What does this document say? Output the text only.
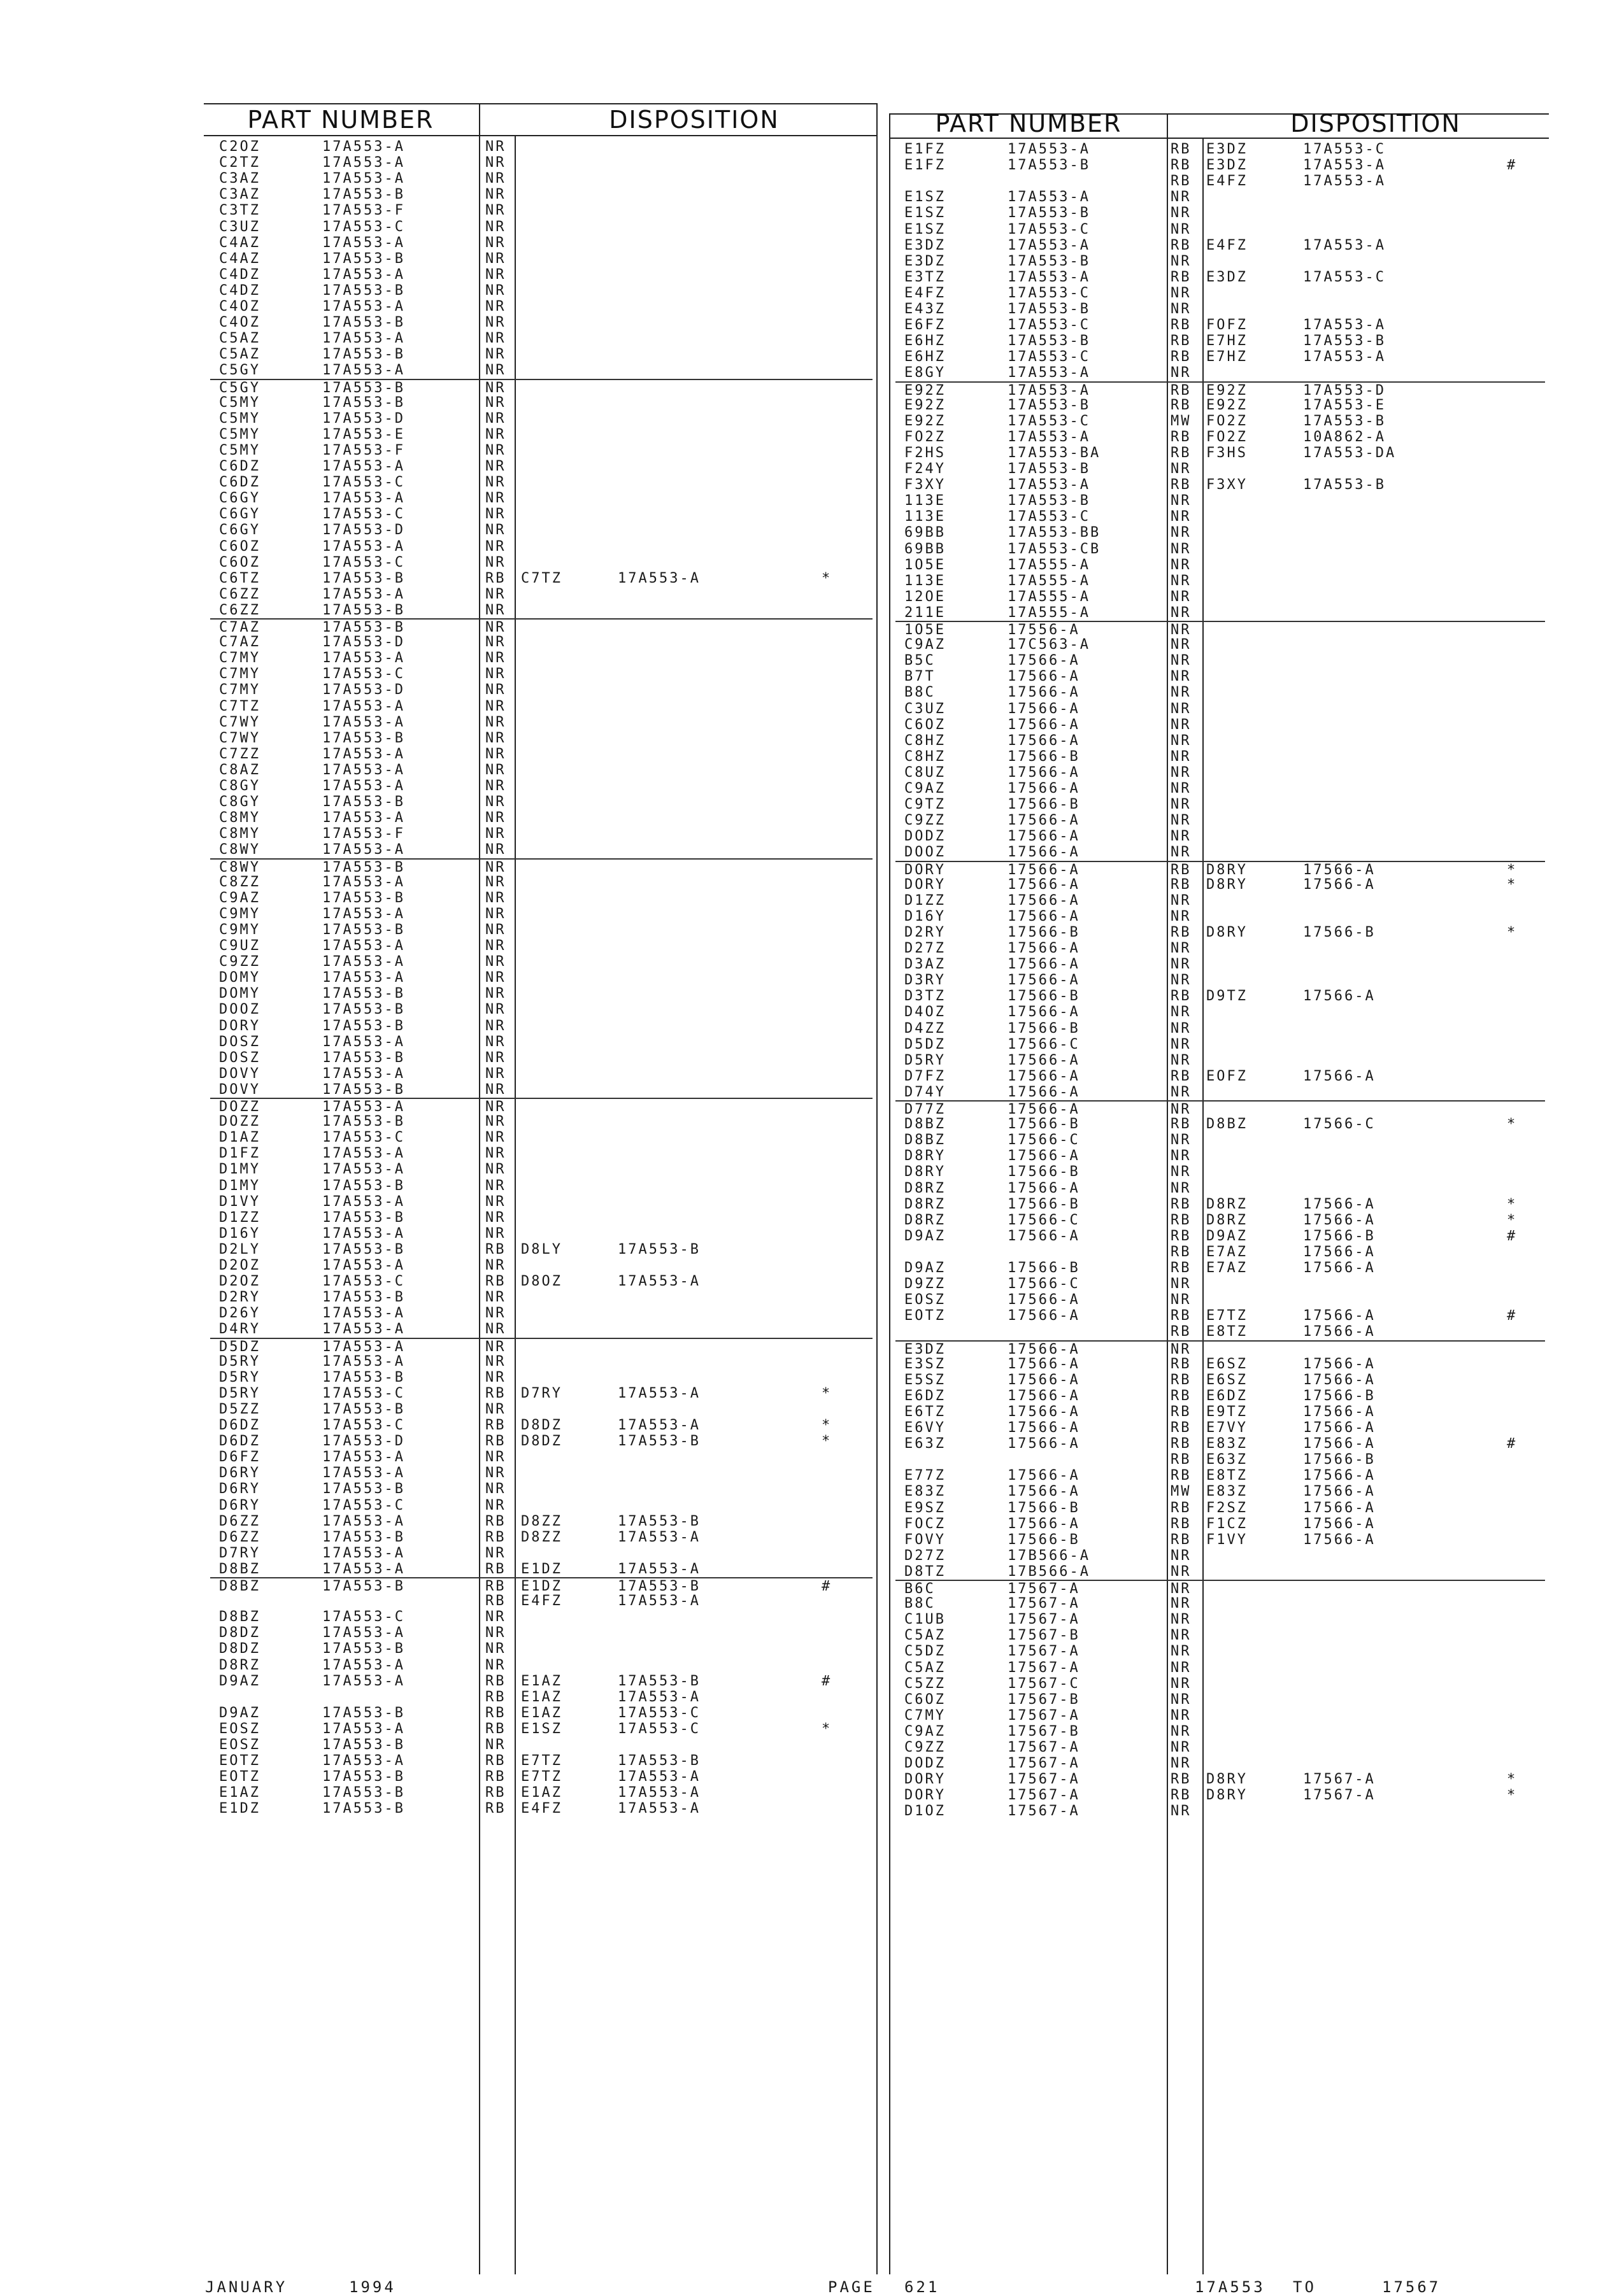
PART NUMBER	DISPOSITION	PART NUMBER	DISPOSITION
C2OZ	17A553-A	NR
C2TZ	17A553-A	NR
C3AZ	17A553-A	NR
C3AZ	17A553-B	NR
C3TZ	17A553-F	NR
C3UZ	17A553-C	NR
C4AZ	17A553-A	NR
C4AZ	17A553-B	NR
C4DZ	17A553-A	NR
C4DZ	17A553-B	NR
C4OZ	17A553-A	NR
C4OZ	17A553-B	NR
C5AZ	17A553-A	NR
C5AZ	17A553-B	NR
C5GY	17A553-A	NR
C5GY	17A553-B	NR
C5MY	17A553-B	NR
C5MY	17A553-D	NR
C5MY	17A553-E	NR
C5MY	17A553-F	NR
C6DZ	17A553-A	NR
C6DZ	17A553-C	NR
C6GY	17A553-A	NR
C6GY	17A553-C	NR
C6GY	17A553-D	NR
C6OZ	17A553-A	NR
C6OZ	17A553-C	NR
C6TZ	17A553-B	RB C7TZ	17A553-A	*
C6ZZ	17A553-A	NR
C6ZZ	17A553-B	NR
C7AZ	17A553-B	NR
C7AZ	17A553-D	NR
C7MY	17A553-A	NR
C7MY	17A553-C	NR
C7MY	17A553-D	NR
C7TZ	17A553-A	NR
C7WY	17A553-A	NR
C7WY	17A553-B	NR
C7ZZ	17A553-A	NR
C8AZ	17A553-A	NR
C8GY	17A553-A	NR
C8GY	17A553-B	NR
C8MY	17A553-A	NR
C8MY	17A553-F	NR
C8WY	17A553-A	NR
C8WY	17A553-B	NR
C8ZZ	17A553-A	NR
C9AZ	17A553-B	NR
C9MY	17A553-A	NR
C9MY	17A553-B	NR
C9UZ	17A553-A	NR
C9ZZ	17A553-A	NR
DOMY	17A553-A	NR
DOMY	17A553-B	NR
DOOZ	17A553-B	NR
DORY	17A553-B	NR
DOSZ	17A553-A	NR
DOSZ	17A553-B	NR
DOVY	17A553-A	NR
DOVY	17A553-B	NR
DOZZ	17A553-A	NR
DOZZ	17A553-B	NR
D1AZ	17A553-C	NR
D1FZ	17A553-A	NR
D1MY	17A553-A	NR
D1MY	17A553-B	NR
D1VY	17A553-A	NR
D1ZZ	17A553-B	NR
D16Y	17A553-A	NR
D2LY	17A553-B	RB D8LY	17A553-B
D2OZ	17A553-A	NR
D2OZ	17A553-C	RB D8OZ	17A553-A
D2RY	17A553-B	NR
D26Y	17A553-A	NR
D4RY	17A553-A	NR
D5DZ	17A553-A	NR
D5RY	17A553-A	NR
D5RY	17A553-B	NR
D5RY	17A553-C	RB D7RY	17A553-A	*
D5ZZ	17A553-B	NR
D6DZ	17A553-C	RB D8DZ	17A553-A	*
D6DZ	17A553-D	RB D8DZ	17A553-B	*
D6FZ	17A553-A	NR
D6RY	17A553-A	NR
D6RY	17A553-B	NR
D6RY	17A553-C	NR
D6ZZ	17A553-A	RB D8ZZ	17A553-B
D6ZZ	17A553-B	RB D8ZZ	17A553-A
D7RY	17A553-A	NR
D8BZ	17A553-A	RB E1DZ	17A553-A
D8BZ	17A553-B	RB E1DZ	17A553-B	#
RB E4FZ	17A553-A
D8BZ	17A553-C	NR
D8DZ	17A553-A	NR
D8DZ	17A553-B	NR
D8RZ	17A553-A	NR
D9AZ	17A553-A	RB E1AZ	17A553-B	#
RB E1AZ	17A553-A
D9AZ	17A553-B	RB E1AZ	17A553-C
EOSZ	17A553-A	RB E1SZ	17A553-C	*
EOSZ	17A553-B	NR
EOTZ	17A553-A	RB E7TZ	17A553-B
EOTZ	17A553-B	RB E7TZ	17A553-A
E1AZ	17A553-B	RB E1AZ	17A553-A
E1DZ	17A553-B	RB E4FZ	17A553-A
E1FZ	17A553-A	RB E3DZ	17A553-C
E1FZ	17A553-B	RB E3DZ	17A553-A	#
RB E4FZ	17A553-A
E1SZ	17A553-A	NR
E1SZ	17A553-B	NR
E1SZ	17A553-C	NR
E3DZ	17A553-A	RB E4FZ	17A553-A
E3DZ	17A553-B	NR
E3TZ	17A553-A	RB E3DZ	17A553-C
E4FZ	17A553-C	NR
E43Z	17A553-B	NR
E6FZ	17A553-C	RB FOFZ	17A553-A
E6HZ	17A553-B	RB E7HZ	17A553-B
E6HZ	17A553-C	RB E7HZ	17A553-A
E8GY	17A553-A	NR
E92Z	17A553-A	RB E92Z	17A553-D
E92Z	17A553-B	RB E92Z	17A553-E
E92Z	17A553-C	MW FO2Z	17A553-B
FO2Z	17A553-A	RB FO2Z	10A862-A
F2HS	17A553-BA	RB F3HS	17A553-DA
F24Y	17A553-B	NR
F3XY	17A553-A	RB F3XY	17A553-B
113E	17A553-B	NR
113E	17A553-C	NR
69BB	17A553-BB	NR
69BB	17A553-CB	NR
1O5E	17A555-A	NR
113E	17A555-A	NR
12OE	17A555-A	NR
211E	17A555-A	NR
1O5E	17556-A	NR
C9AZ	17C563-A	NR
B5C	17566-A	NR
B7T	17566-A	NR
B8C	17566-A	NR
C3UZ	17566-A	NR
C6OZ	17566-A	NR
C8HZ	17566-A	NR
C8HZ	17566-B	NR
C8UZ	17566-A	NR
C9AZ	17566-A	NR
C9TZ	17566-B	NR
C9ZZ	17566-A	NR
DODZ	17566-A	NR
DOOZ	17566-A	NR
DORY	17566-A	RB D8RY	17566-A	*
DORY	17566-A	RB D8RY	17566-A	*
D1ZZ	17566-A	NR
D16Y	17566-A	NR
D2RY	17566-B	RB D8RY	17566-B	*
D27Z	17566-A	NR
D3AZ	17566-A	NR
D3RY	17566-A	NR
D3TZ	17566-B	RB D9TZ	17566-A
D4OZ	17566-A	NR
D4ZZ	17566-B	NR
D5DZ	17566-C	NR
D5RY	17566-A	NR
D7FZ	17566-A	RB EOFZ	17566-A
D74Y	17566-A	NR
D77Z	17566-A	NR
D8BZ	17566-B	RB D8BZ	17566-C	*
D8BZ	17566-C	NR
D8RY	17566-A	NR
D8RY	17566-B	NR
D8RZ	17566-A	NR
D8RZ	17566-B	RB D8RZ	17566-A	*
D8RZ	17566-C	RB D8RZ	17566-A	*
D9AZ	17566-A	RB D9AZ	17566-B	#
RB E7AZ	17566-A
D9AZ	17566-B	RB E7AZ	17566-A
D9ZZ	17566-C	NR
EOSZ	17566-A	NR
EOTZ	17566-A	RB E7TZ	17566-A	#
RB E8TZ	17566-A
E3DZ	17566-A	NR
E3SZ	17566-A	RB E6SZ	17566-A
E5SZ	17566-A	RB E6SZ	17566-A
E6DZ	17566-A	RB E6DZ	17566-B
E6TZ	17566-A	RB E9TZ	17566-A
E6VY	17566-A	RB E7VY	17566-A
E63Z	17566-A	RB E83Z	17566-A	#
RB E63Z	17566-B
E77Z	17566-A	RB E8TZ	17566-A
E83Z	17566-A	MW E83Z	17566-A
E9SZ	17566-B	RB F2SZ	17566-A
FOCZ	17566-A	RB F1CZ	17566-A
FOVY	17566-B	RB F1VY	17566-A
D27Z	17B566-A	NR
D8TZ	17B566-A	NR
B6C	17567-A	NR
B8C	17567-A	NR
C1UB	17567-A	NR
C5AZ	17567-B	NR
C5DZ	17567-A	NR
C5AZ	17567-A	NR
C5ZZ	17567-C	NR
C6OZ	17567-B	NR
C7MY	17567-A	NR
C9AZ	17567-B	NR
C9ZZ	17567-A	NR
DODZ	17567-A	NR
DORY	17567-A	RB D8RY	17567-A	*
DORY	17567-A	RB D8RY	17567-A	*
D1OZ	17567-A	NR
JANUARY	1994	PAGE 621	17A553 TO	17567
